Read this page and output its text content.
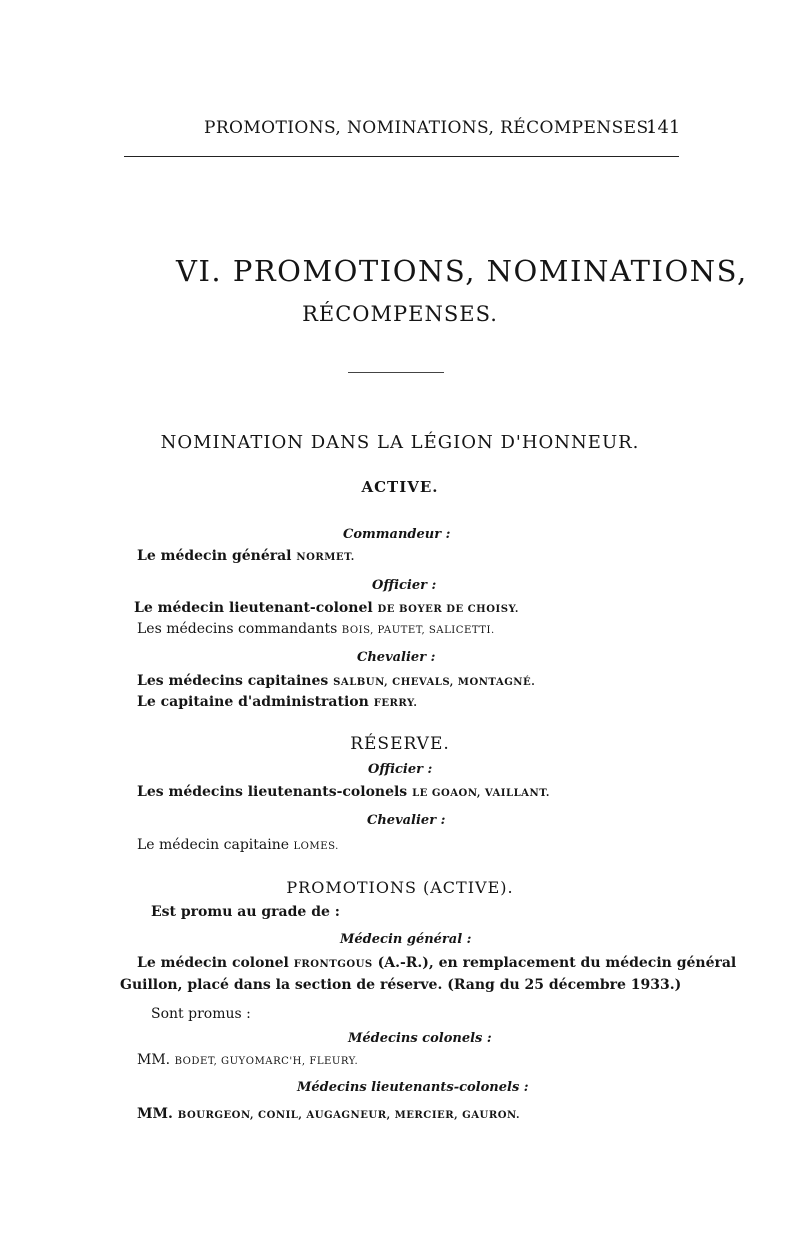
PROMOTIONS, NOMINATIONS, RÉCOMPENSES.
141
VI. PROMOTIONS, NOMINATIONS,
RÉCOMPENSES.
NOMINATION DANS LA LÉGION D'HONNEUR.
ACTIVE.
Commandeur :
Le médecin général NORMET.
Officier :
Le médecin lieutenant-colonel DE BOYER DE CHOISY.
Les médecins commandants BOIS, PAUTET, SALICETTI.
Chevalier :
Les médecins capitaines SALBUN, CHEVALS, MONTAGNÉ.
Le capitaine d'administration FERRY.
RÉSERVE.
Officier :
Les médecins lieutenants-colonels LE GOAON, VAILLANT.
Chevalier :
Le médecin capitaine LOMES.
PROMOTIONS (ACTIVE).
Est promu au grade de :
Médecin général :
Le médecin colonel FRONTGOUS (A.-R.), en remplacement du médecin général
Guillon, placé dans la section de réserve. (Rang du 25 décembre 1933.)
Sont promus :
Médecins colonels :
MM. BODET, GUYOMARC'H, FLEURY.
Médecins lieutenants-colonels :
MM. BOURGEON, CONIL, AUGAGNEUR, MERCIER, GAURON.
